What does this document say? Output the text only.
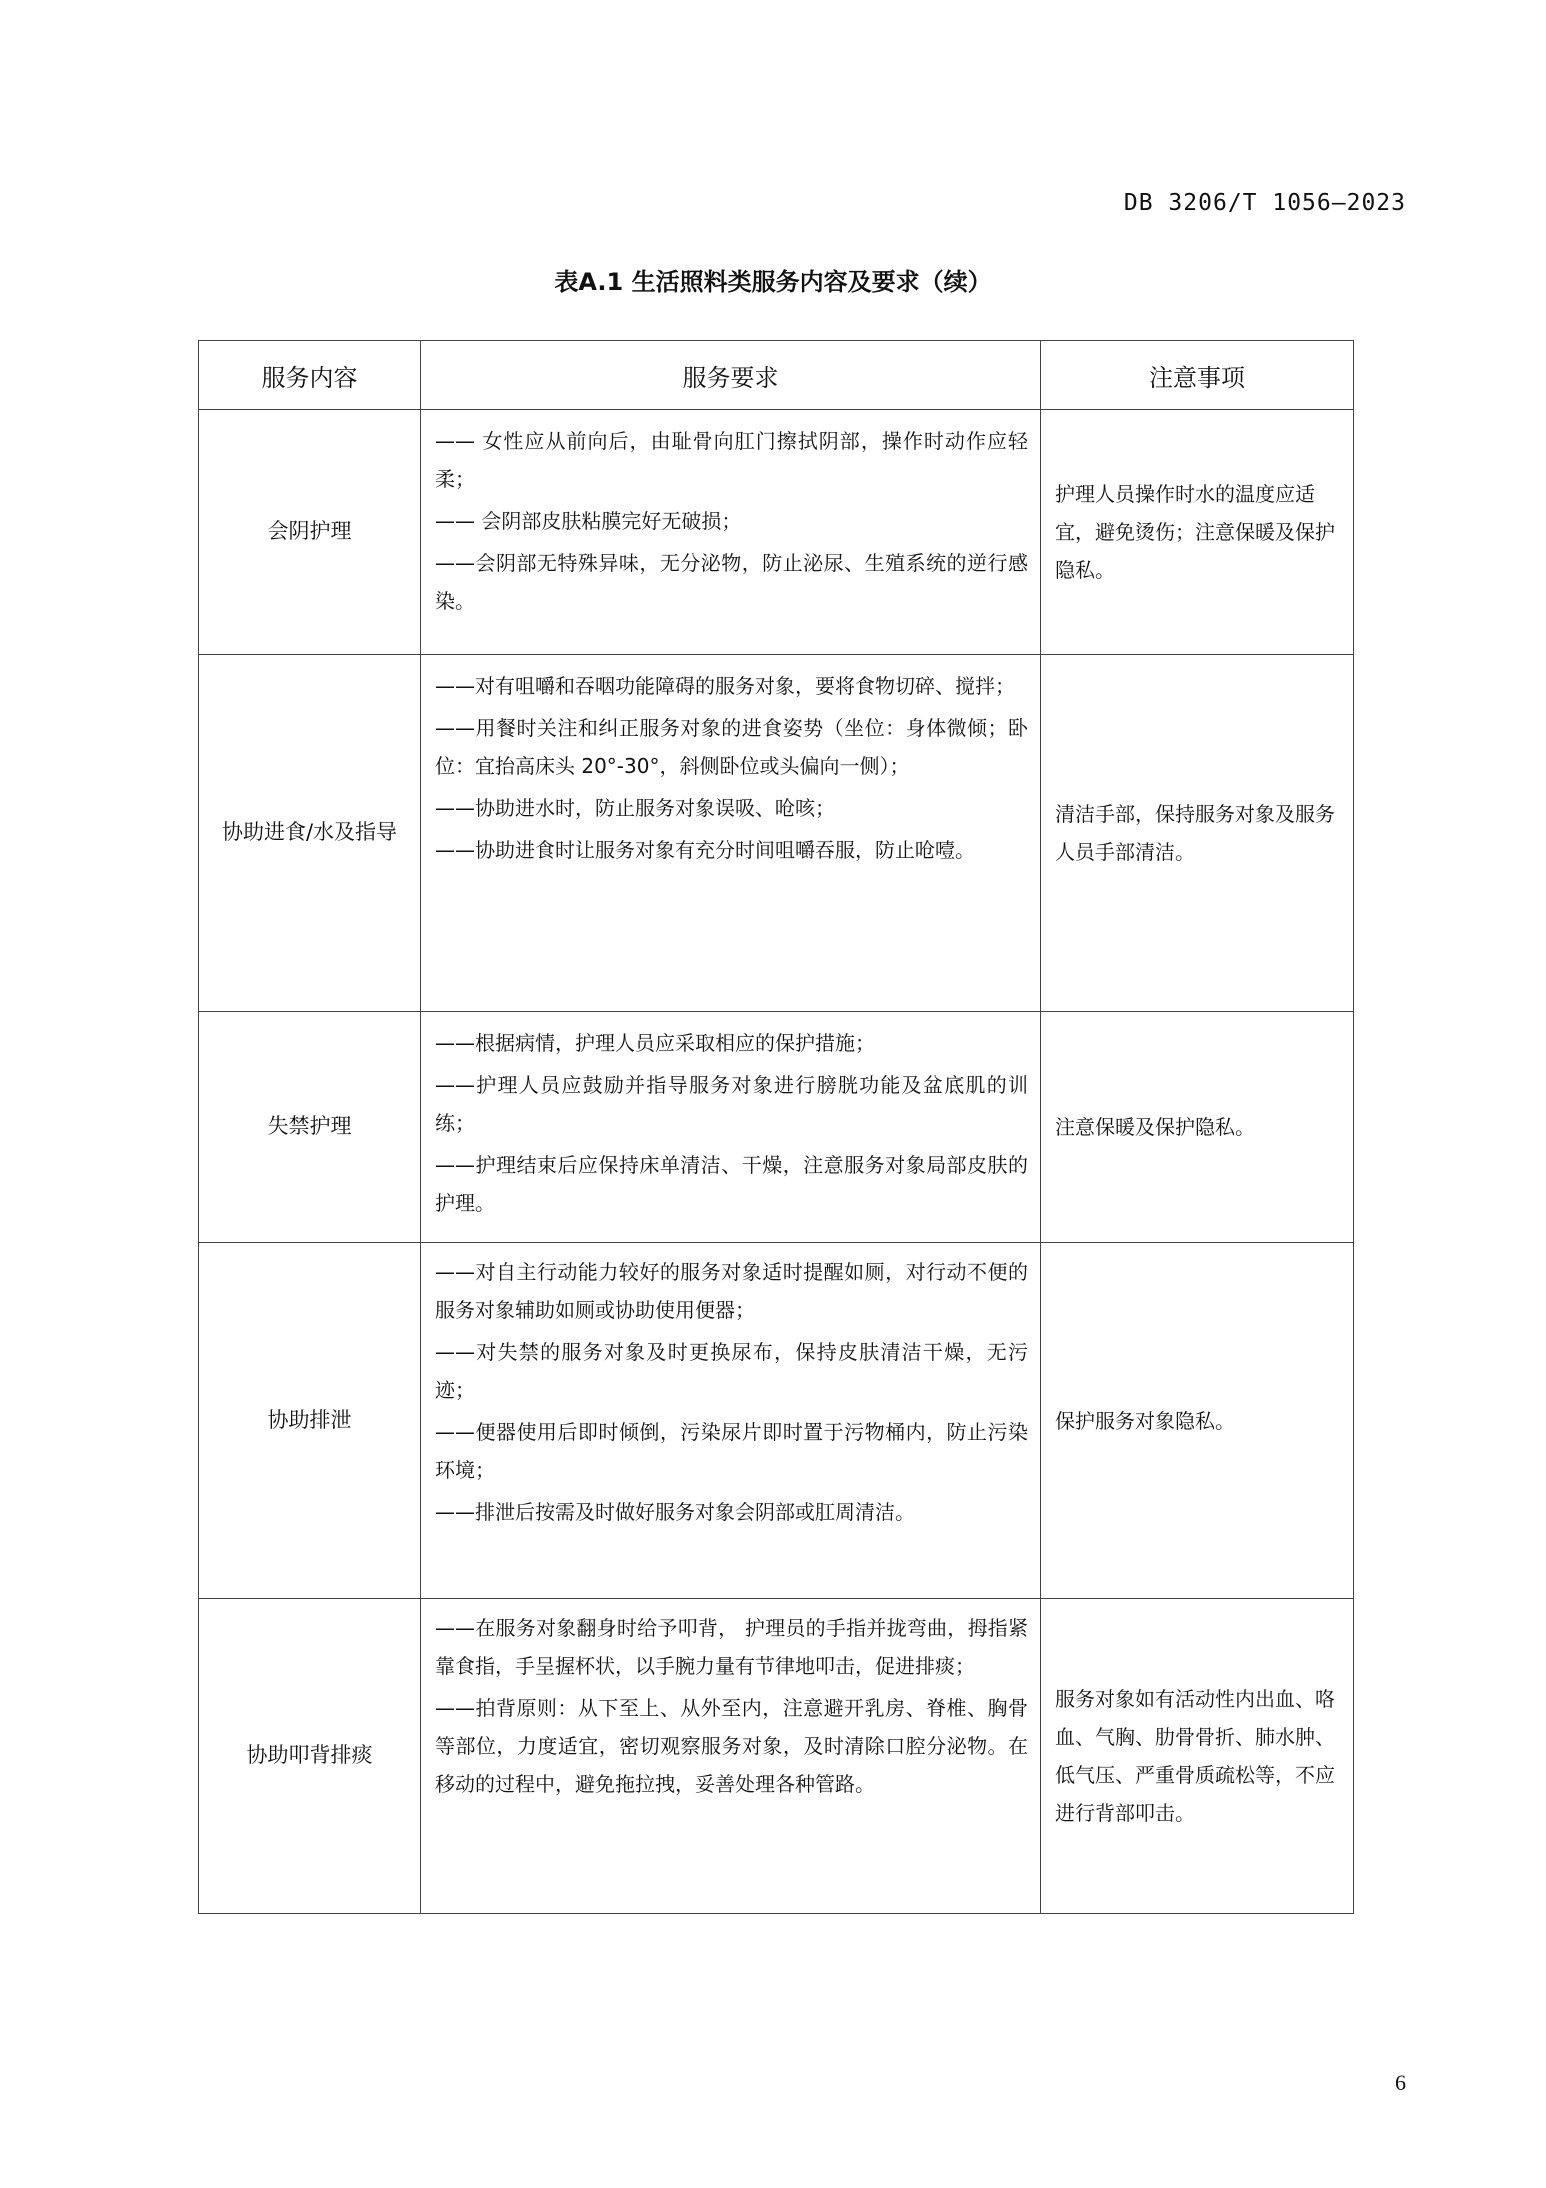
DB 3206/T 1056—2023
表A.1 生活照料类服务内容及要求（续）
服务内容	服务要求	注意事项
会阴护理	—— 女性应从前向后，由耻骨向肛门擦拭阴部，操作时动作应轻柔；

—— 会阴部皮肤粘膜完好无破损；

——会阴部无特殊异味，无分泌物，防止泌尿、生殖系统的逆行感染。	护理人员操作时水的温度应适宜，避免烫伤；注意保暖及保护隐私。
协助进食/水及指导	——对有咀嚼和吞咽功能障碍的服务对象，要将食物切碎、搅拌；

——用餐时关注和纠正服务对象的进食姿势（坐位：身体微倾；卧位：宜抬高床头 20°-30°，斜侧卧位或头偏向一侧）；

——协助进水时，防止服务对象误吸、呛咳；

——协助进食时让服务对象有充分时间咀嚼吞服，防止呛噎。	清洁手部，保持服务对象及服务人员手部清洁。
失禁护理	——根据病情，护理人员应采取相应的保护措施；

——护理人员应鼓励并指导服务对象进行膀胱功能及盆底肌的训练；

——护理结束后应保持床单清洁、干燥，注意服务对象局部皮肤的护理。	注意保暖及保护隐私。
协助排泄	——对自主行动能力较好的服务对象适时提醒如厕，对行动不便的服务对象辅助如厕或协助使用便器；

——对失禁的服务对象及时更换尿布，保持皮肤清洁干燥，无污迹；

——便器使用后即时倾倒，污染尿片即时置于污物桶内，防止污染环境；

——排泄后按需及时做好服务对象会阴部或肛周清洁。	保护服务对象隐私。
协助叩背排痰	——在服务对象翻身时给予叩背， 护理员的手指并拢弯曲，拇指紧靠食指，手呈握杯状，以手腕力量有节律地叩击，促进排痰；

——拍背原则：从下至上、从外至内，注意避开乳房、脊椎、胸骨等部位，力度适宜，密切观察服务对象，及时清除口腔分泌物。在移动的过程中，避免拖拉拽，妥善处理各种管路。	服务对象如有活动性内出血、咯血、气胸、肋骨骨折、肺水肿、低气压、严重骨质疏松等，不应进行背部叩击。
6
